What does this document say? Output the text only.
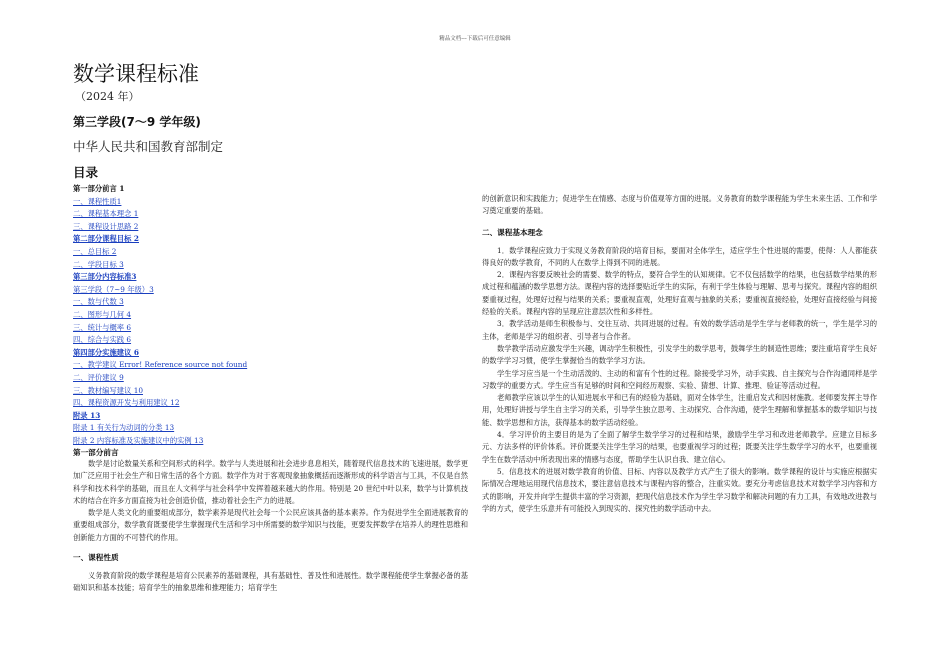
精品文档---下载后可任意编辑
数学课程标准
（2024 年）
第三学段(7～9 学年级)
中华人民共和国教育部制定
目录
第一部分前言 1
一、课程性质1
二、课程基本理念 1
三、课程设计思路 2
第二部分课程目标 2
一、总目标 2
二、学段目标 3
第三部分内容标准3
第三学段（7~9 年级）3
一、数与代数 3
二、图形与几何 4
三、统计与概率 6
四、综合与实践 6
第四部分实施建议 6
一、教学建议 Error! Reference source not found
二、评价建议 9
三、教材编写建议 10
四、课程资源开发与利用建议 12
附录 13
附录 1 有关行为动词的分类 13
附录 2 内容标准及实施建议中的实例 13
第一部分前言

数学是讨论数量关系和空间形式的科学。数学与人类进展和社会进步息息相关，随着现代信息技术的飞速进展，数学更加广泛应用于社会生产和日常生活的各个方面。数学作为对于客观现象抽象概括而逐渐形成的科学语言与工具，不仅是自然科学和技术科学的基础，而且在人文科学与社会科学中发挥着越来越大的作用。特别是 20 世纪中叶以来，数学与计算机技术的结合在许多方面直接为社会创造价值，推动着社会生产力的进展。

数学是人类文化的重要组成部分，数学素养是现代社会每一个公民应该具备的基本素养。作为促进学生全面进展教育的重要组成部分，数学教育既要使学生掌握现代生活和学习中所需要的数学知识与技能，更要发挥数学在培养人的理性思维和创新能力方面的不可替代的作用。

一、课程性质

义务教育阶段的数学课程是培育公民素养的基础课程，具有基础性、普及性和进展性。数学课程能使学生掌握必备的基础知识和基本技能；培育学生的抽象思维和推理能力；培育学生

的创新意识和实践能力；促进学生在情感、态度与价值观等方面的进展。义务教育的数学课程能为学生未来生活、工作和学习奠定重要的基础。

二、课程基本理念

1．数学课程应致力于实现义务教育阶段的培育目标，要面对全体学生，适应学生个性进展的需要，使得：人人都能获得良好的数学教育，不同的人在数学上得到不同的进展。

2．课程内容要反映社会的需要、数学的特点，要符合学生的认知规律。它不仅包括数学的结果，也包括数学结果的形成过程和蕴涵的数学思想方法。课程内容的选择要贴近学生的实际，有利于学生体验与理解、思考与探究。课程内容的组织要重视过程，处理好过程与结果的关系；要重视直观，处理好直观与抽象的关系；要重视直接经验，处理好直接经验与间接经验的关系。课程内容的呈现应注意层次性和多样性。

3．教学活动是师生积极参与、交往互动、共同进展的过程。有效的数学活动是学生学与老师教的统一，学生是学习的主体，老师是学习的组织者、引导者与合作者。

数学教学活动应激发学生兴趣，调动学生积极性，引发学生的数学思考，鼓舞学生的制造性思维；要注重培育学生良好的数学学习习惯，使学生掌握恰当的数学学习方法。

学生学习应当是一个生动活泼的、主动的和富有个性的过程。除接受学习外，动手实践、自主探究与合作沟通同样是学习数学的重要方式。学生应当有足够的时间和空间经历观察、实验、猜想、计算、推理、验证等活动过程。

老师教学应该以学生的认知进展水平和已有的经验为基础，面对全体学生，注重启发式和因材施教。老师要发挥主导作用，处理好讲授与学生自主学习的关系，引导学生独立思考、主动探究、合作沟通，使学生理解和掌握基本的数学知识与技能、数学思想和方法，获得基本的数学活动经验。

4．学习评价的主要目的是为了全面了解学生数学学习的过程和结果，激励学生学习和改进老师教学。应建立目标多元、方法多样的评价体系。评价既要关注学生学习的结果，也要重视学习的过程；既要关注学生数学学习的水平，也要重视学生在数学活动中所表现出来的情感与态度，帮助学生认识自我、建立信心。

5．信息技术的进展对数学教育的价值、目标、内容以及教学方式产生了很大的影响。数学课程的设计与实施应根据实际情况合理地运用现代信息技术，要注意信息技术与课程内容的整合，注重实效。要充分考虑信息技术对数学学习内容和方式的影响，开发并向学生提供丰富的学习资源，把现代信息技术作为学生学习数学和解决问题的有力工具，有效地改进教与学的方式，使学生乐意并有可能投入到现实的、探究性的数学活动中去。
